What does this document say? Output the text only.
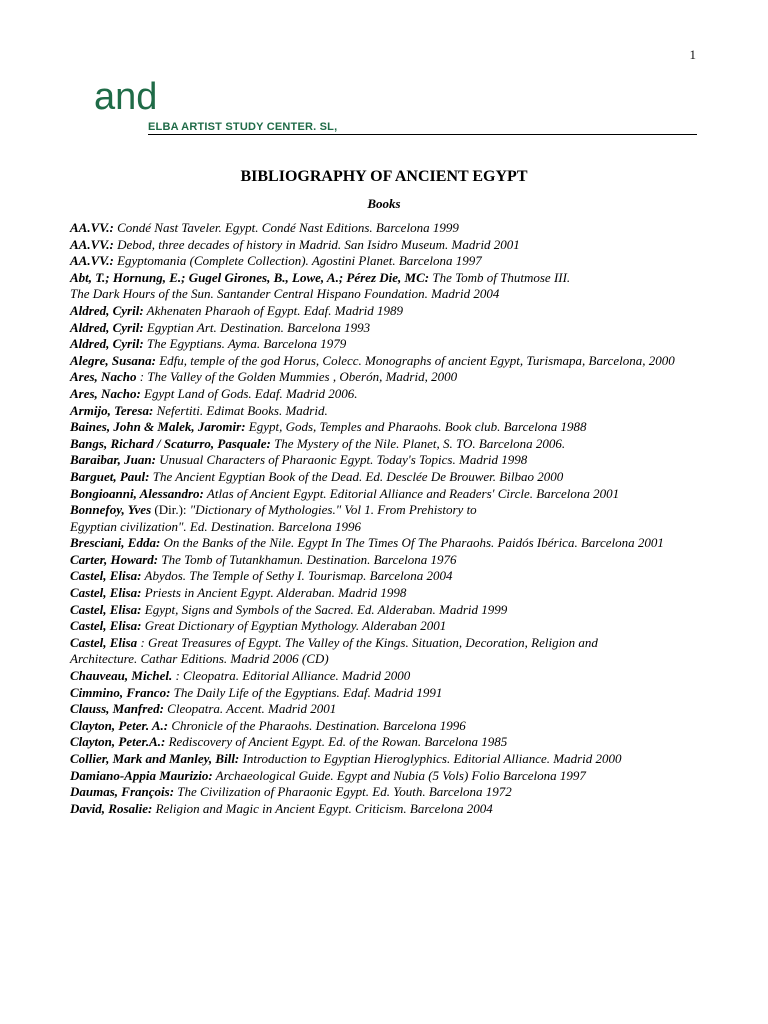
1
and
ELBA ARTIST STUDY CENTER. SL,
BIBLIOGRAPHY OF ANCIENT EGYPT
Books

AA.VV.: Condé Nast Taveler. Egypt. Condé Nast Editions. Barcelona 1999

AA.VV.: Debod, three decades of history in Madrid. San Isidro Museum. Madrid 2001

AA.VV.: Egyptomania (Complete Collection). Agostini Planet. Barcelona 1997

Abt, T.; Hornung, E.; Gugel Girones, B., Lowe, A.; Pérez Die, MC: The Tomb of Thutmose III.
The Dark Hours of the Sun. Santander Central Hispano Foundation. Madrid 2004

Aldred, Cyril: Akhenaten Pharaoh of Egypt. Edaf. Madrid 1989

Aldred, Cyril: Egyptian Art. Destination. Barcelona 1993

Aldred, Cyril: The Egyptians. Ayma. Barcelona 1979

Alegre, Susana: Edfu, temple of the god Horus, Colecc. Monographs of ancient Egypt, Turismapa, Barcelona, 2000

Ares, Nacho : The Valley of the Golden Mummies , Oberón, Madrid, 2000

Ares, Nacho: Egypt Land of Gods. Edaf. Madrid 2006.

Armijo, Teresa: Nefertiti. Edimat Books. Madrid.

Baines, John & Malek, Jaromir: Egypt, Gods, Temples and Pharaohs. Book club. Barcelona 1988

Bangs, Richard / Scaturro, Pasquale: The Mystery of the Nile. Planet, S. TO. Barcelona 2006.

Baraibar, Juan: Unusual Characters of Pharaonic Egypt. Today's Topics. Madrid 1998

Barguet, Paul: The Ancient Egyptian Book of the Dead. Ed. Desclée De Brouwer. Bilbao 2000

Bongioanni, Alessandro: Atlas of Ancient Egypt. Editorial Alliance and Readers' Circle. Barcelona 2001

Bonnefoy, Yves (Dir.): "Dictionary of Mythologies." Vol 1. From Prehistory to
Egyptian civilization". Ed. Destination. Barcelona 1996

Bresciani, Edda: On the Banks of the Nile. Egypt In The Times Of The Pharaohs. Paidós Ibérica. Barcelona 2001

Carter, Howard: The Tomb of Tutankhamun. Destination. Barcelona 1976

Castel, Elisa: Abydos. The Temple of Sethy I. Tourismap. Barcelona 2004

Castel, Elisa: Priests in Ancient Egypt. Alderaban. Madrid 1998

Castel, Elisa: Egypt, Signs and Symbols of the Sacred. Ed. Alderaban. Madrid 1999

Castel, Elisa: Great Dictionary of Egyptian Mythology. Alderaban 2001

Castel, Elisa : Great Treasures of Egypt. The Valley of the Kings. Situation, Decoration, Religion and
Architecture. Cathar Editions. Madrid 2006 (CD)

Chauveau, Michel. : Cleopatra. Editorial Alliance. Madrid 2000

Cimmino, Franco: The Daily Life of the Egyptians. Edaf. Madrid 1991

Clauss, Manfred: Cleopatra. Accent. Madrid 2001

Clayton, Peter. A.: Chronicle of the Pharaohs. Destination. Barcelona 1996

Clayton, Peter.A.: Rediscovery of Ancient Egypt. Ed. of the Rowan. Barcelona 1985

Collier, Mark and Manley, Bill: Introduction to Egyptian Hieroglyphics. Editorial Alliance. Madrid 2000

Damiano-Appia Maurizio: Archaeological Guide. Egypt and Nubia (5 Vols) Folio Barcelona 1997

Daumas, François: The Civilization of Pharaonic Egypt. Ed. Youth. Barcelona 1972

David, Rosalie: Religion and Magic in Ancient Egypt. Criticism. Barcelona 2004
